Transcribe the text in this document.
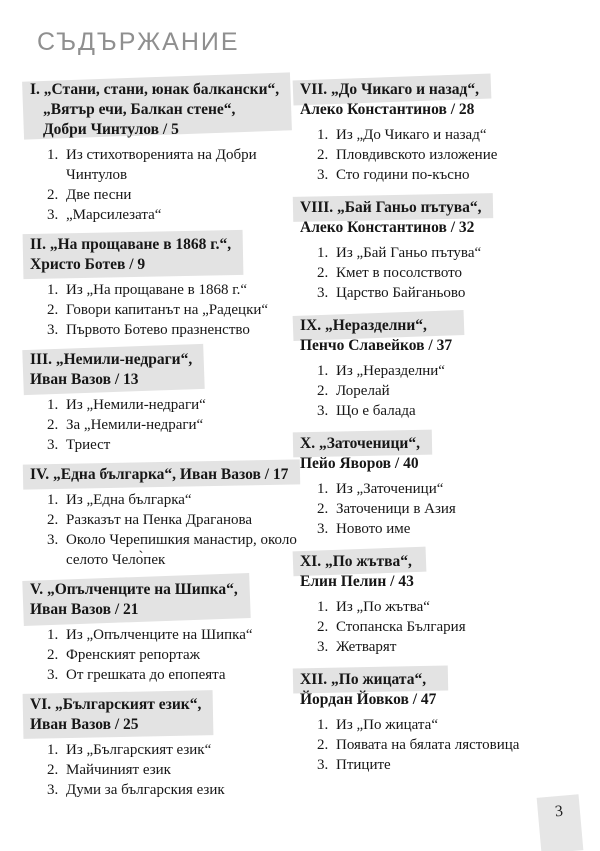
СЪДЪРЖАНИЕ
I. „Стани, стани, юнак балкански“,
„Вятър ечи, Балкан стене“,
Добри Чинтулов / 5
1. Из стихотворенията на Добри Чинтулов
2. Две песни
3. „Марсилезата“
II. „На прощаване в 1868 г.“,
Христо Ботев / 9
1. Из „На прощаване в 1868 г.“
2. Говори капитанът на „Радецки“
3. Първото Ботево празненство
III. „Немили-недраги“,
Иван Вазов / 13
1. Из „Немили-недраги“
2. За „Немили-недраги“
3. Триест
IV. „Една българка“, Иван Вазов / 17
1. Из „Една българка“
2. Разказът на Пенка Драганова
3. Около Черепишкия манастир, около селото Чело̀пек
V. „Опълченците на Шипка“,
Иван Вазов / 21
1. Из „Опълченците на Шипка“
2. Френският репортаж
3. От грешката до епопеята
VI. „Българският език“,
Иван Вазов / 25
1. Из „Българският език“
2. Майчиният език
3. Думи за българския език
VII. „До Чикаго и назад“,
Алеко Константинов / 28
1. Из „До Чикаго и назад“
2. Пловдивското изложение
3. Сто години по-късно
VIII. „Бай Ганьо пътува“,
Алеко Константинов / 32
1. Из „Бай Ганьо пътува“
2. Кмет в посолството
3. Царство Байганьово
IX. „Неразделни“,
Пенчо Славейков / 37
1. Из „Неразделни“
2. Лорелай
3. Що е балада
X. „Заточеници“,
Пейо Яворов / 40
1. Из „Заточеници“
2. Заточеници в Азия
3. Новото име
XI. „По жътва“,
Елин Пелин / 43
1. Из „По жътва“
2. Стопанска България
3. Жетварят
XII. „По жицата“,
Йордан Йовков / 47
1. Из „По жицата“
2. Появата на бялата лястовица
3. Птиците
3
